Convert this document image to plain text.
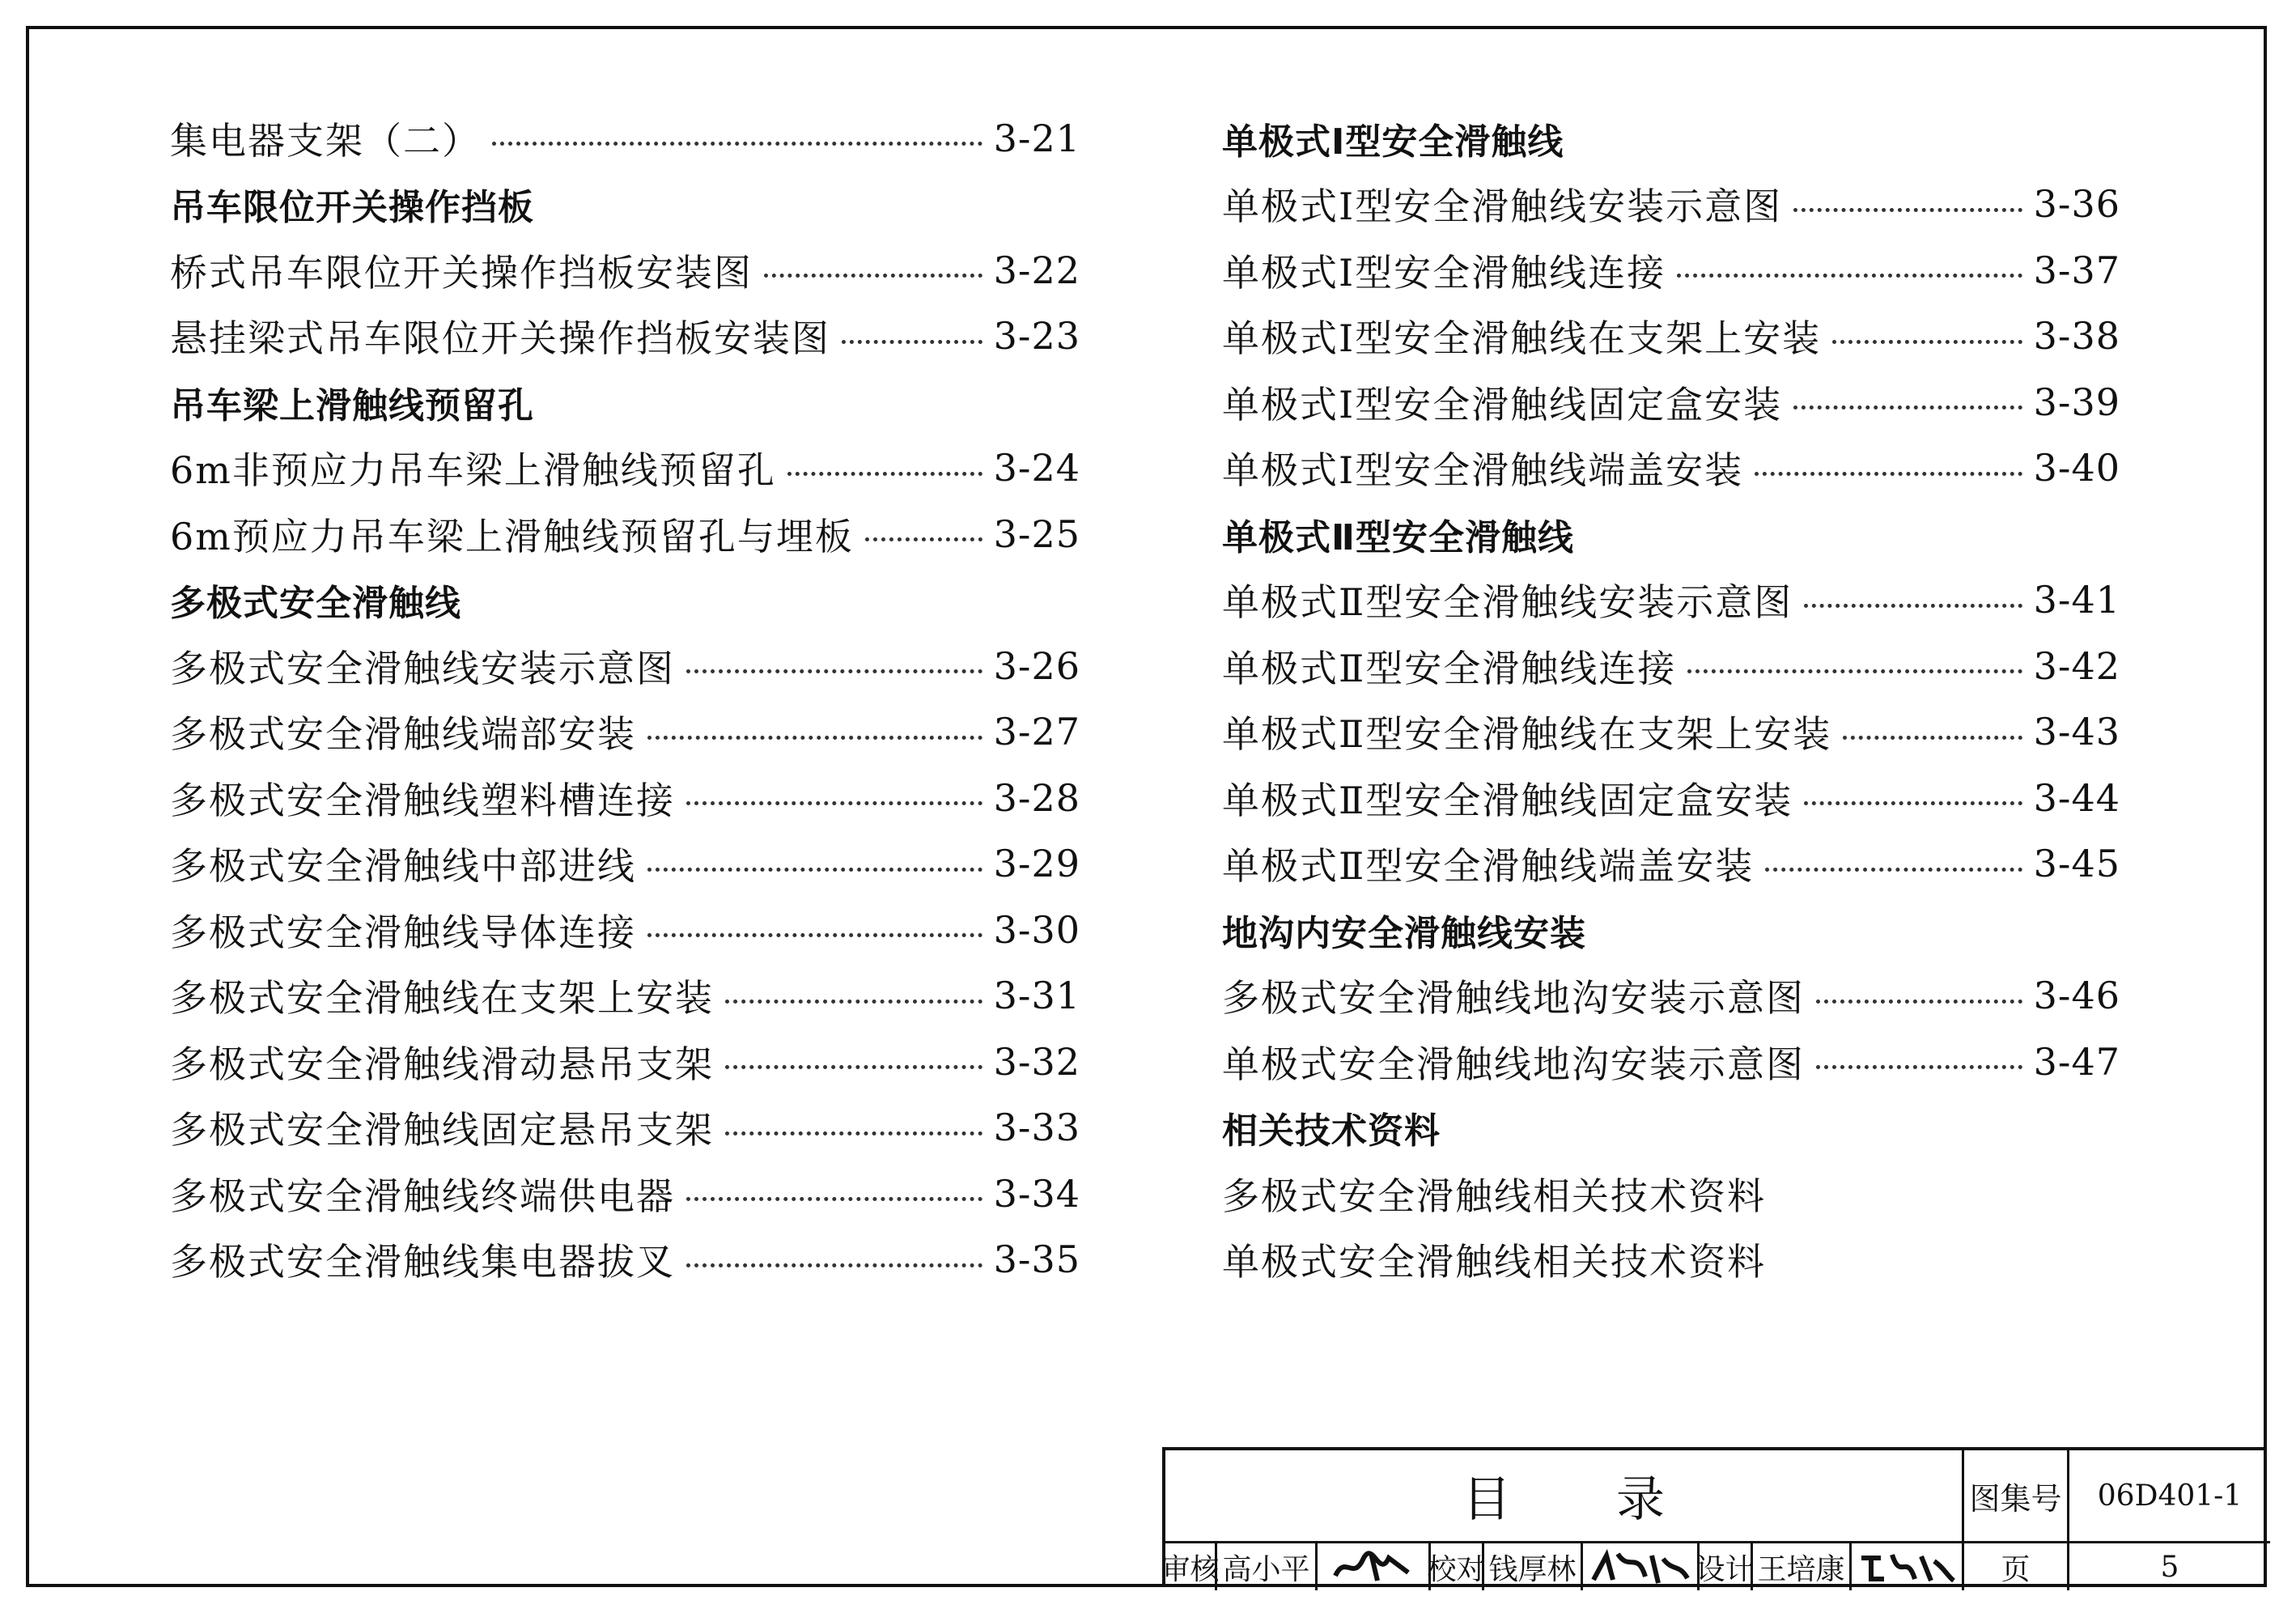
集电器支架（二）	3-21
吊车限位开关操作挡板
桥式吊车限位开关操作挡板安装图	3-22
悬挂梁式吊车限位开关操作挡板安装图	3-23
吊车梁上滑触线预留孔
6m非预应力吊车梁上滑触线预留孔	3-24
6m预应力吊车梁上滑触线预留孔与埋板	3-25
多极式安全滑触线
多极式安全滑触线安装示意图	3-26
多极式安全滑触线端部安装	3-27
多极式安全滑触线塑料槽连接	3-28
多极式安全滑触线中部进线	3-29
多极式安全滑触线导体连接	3-30
多极式安全滑触线在支架上安装	3-31
多极式安全滑触线滑动悬吊支架	3-32
多极式安全滑触线固定悬吊支架	3-33
多极式安全滑触线终端供电器	3-34
多极式安全滑触线集电器拔叉	3-35
单极式Ⅰ型安全滑触线
单极式Ⅰ型安全滑触线安装示意图	3-36
单极式Ⅰ型安全滑触线连接	3-37
单极式Ⅰ型安全滑触线在支架上安装	3-38
单极式Ⅰ型安全滑触线固定盒安装	3-39
单极式Ⅰ型安全滑触线端盖安装	3-40
单极式Ⅱ型安全滑触线
单极式Ⅱ型安全滑触线安装示意图	3-41
单极式Ⅱ型安全滑触线连接	3-42
单极式Ⅱ型安全滑触线在支架上安装	3-43
单极式Ⅱ型安全滑触线固定盒安装	3-44
单极式Ⅱ型安全滑触线端盖安装	3-45
地沟内安全滑触线安装
多极式安全滑触线地沟安装示意图	3-46
单极式安全滑触线地沟安装示意图	3-47
相关技术资料
多极式安全滑触线相关技术资料
单极式安全滑触线相关技术资料
目录	图集号	06D401-1
审核 高小平	校对 钱厚林	设计 王培康	页	5
